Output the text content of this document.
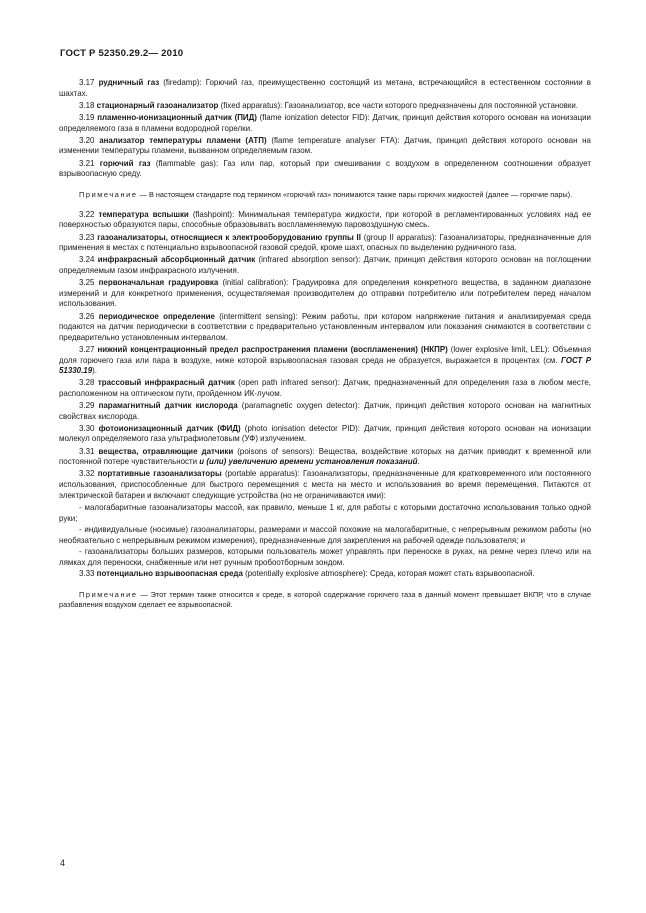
ГОСТ Р 52350.29.2— 2010

3.17 рудничный газ (firedamp): Горючий газ, преимущественно состоящий из метана, встречающийся в естественном состоянии в шахтах.

3.18 стационарный газоанализатор (fixed apparatus): Газоанализатор, все части которого предназначены для постоянной установки.

3.19 пламенно-ионизационный датчик (ПИД) (flame ionization detector FID): Датчик, принцип действия которого основан на ионизации определяемого газа в пламени водородной горелки.

3.20 анализатор температуры пламени (АТП) (flame temperature analyser FTA): Датчик, принцип действия которого основан на изменении температуры пламени, вызванном определяемым газом.

3.21 горючий газ (flammable gas): Газ или пар, который при смешивании с воздухом в определенном соотношении образует взрывоопасную среду.

Примечание — В настоящем стандарте под термином «горючий газ» понимаются также пары горючих жидкостей (далее — горючие пары).

3.22 температура вспышки (flashpoint): Минимальная температура жидкости, при которой в регламентированных условиях над ее поверхностью образуются пары, способные образовывать воспламеняемую паровоздушную смесь.

3.23 газоанализаторы, относящиеся к электрооборудованию группы II (group II apparatus): Газоанализаторы, предназначенные для применения в местах с потенциально взрывоопасной газовой средой, кроме шахт, опасных по выделению рудничного газа.

3.24 инфракрасный абсорбционный датчик (infrared absorption sensor): Датчик, принцип действия которого основан на поглощении определяемым газом инфракрасного излучения.

3.25 первоначальная градуировка (initial calibration): Градуировка для определения конкретного вещества, в заданном диапазоне измерений и для конкретного применения, осуществляемая производителем до отправки потребителю или потребителем перед началом использования.

3.26 периодическое определение (intermittent sensing): Режим работы, при котором напряжение питания и анализируемая среда подаются на датчик периодически в соответствии с предварительно установленным интервалом или показания снимаются в соответствии с предварительно установленным интервалом.

3.27 нижний концентрационный предел распространения пламени (воспламенения) (НКПР) (lower explosive limit, LEL): Объемная доля горючего газа или пара в воздухе, ниже которой взрывоопасная газовая среда не образуется, выражается в процентах (см. ГОСТ Р 51330.19).

3.28 трассовый инфракрасный датчик (open path infrared sensor): Датчик, предназначенный для определения газа в любом месте, расположенном на оптическом пути, пройденном ИК-лучом.

3.29 парамагнитный датчик кислорода (paramagnetic oxygen detector): Датчик, принцип действия которого основан на магнитных свойствах кислорода.

3.30 фотоионизационный датчик (ФИД) (photo ionisation detector PID): Датчик, принцип действия которого основан на ионизации молекул определяемого газа ультрафиолетовым (УФ) излучением.

3.31 вещества, отравляющие датчики (poisons of sensors): Вещества, воздействие которых на датчик приводит к временной или постоянной потере чувствительности и (или) увеличению времени установления показаний.

3.32 портативные газоанализаторы (portable apparatus): Газоанализаторы, предназначенные для кратковременного или постоянного использования, приспособленные для быстрого перемещения с места на место и использования во время перемещения. Питаются от электрической батареи и включают следующие устройства (но не ограничиваются ими):

- малогабаритные газоанализаторы массой, как правило, меньше 1 кг, для работы с которыми достаточно использования только одной руки;

- индивидуальные (носимые) газоанализаторы, размерами и массой похожие на малогабаритные, с непрерывным режимом работы (но необязательно с непрерывным режимом измерения), предназначенные для закрепления на рабочей одежде пользователя; и

- газоанализаторы больших размеров, которыми пользователь может управлять при переноске в руках, на ремне через плечо или на лямках для переноски, снабженные или нет ручным пробоотборным зондом.

3.33 потенциально взрывоопасная среда (potentially explosive atmosphere): Среда, которая может стать взрывоопасной.

Примечание — Этот термин также относится к среде, в которой содержание горючего газа в данный момент превышает ВКПР, что в случае разбавления воздухом сделает ее взрывоопасной.

4
